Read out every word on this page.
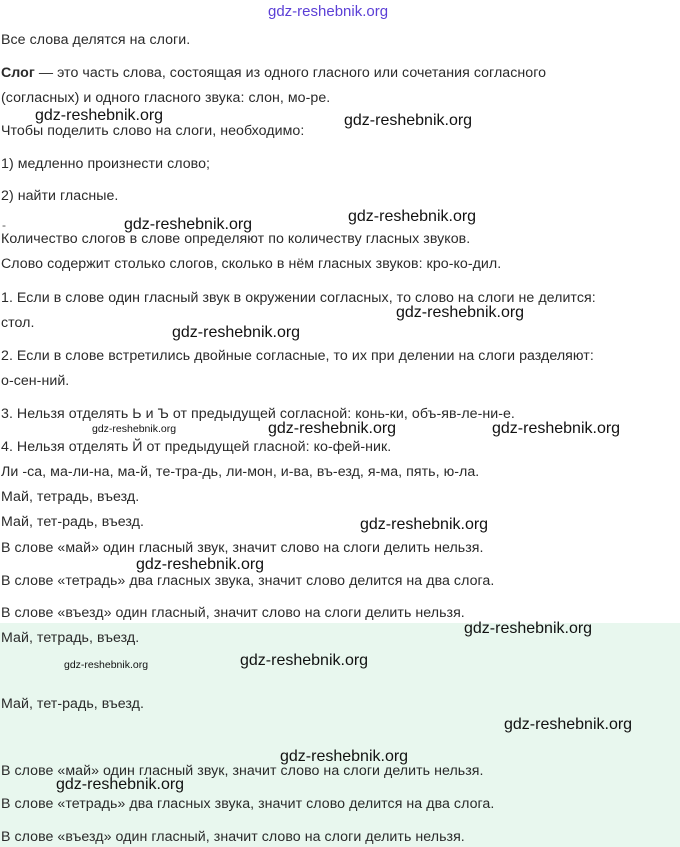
gdz-reshebnik.org
Все слова делятся на слоги.
Слог — это часть слова, состоящая из одного гласного или сочетания согласного
(согласных) и одного гласного звука: слон, мо-ре.
Чтобы поделить слово на слоги, необходимо:
1) медленно произнести слово;
2) найти гласные.
-
Количество слогов в слове определяют по количеству гласных звуков.
Слово содержит столько слогов, сколько в нём гласных звуков: кро-ко-дил.
1. Если в слове один гласный звук в окружении согласных, то слово на слоги не делится:
стол.
2. Если в слове встретились двойные согласные, то их при делении на слоги разделяют:
о-сен-ний.
3. Нельзя отделять Ь и Ъ от предыдущей согласной: конь-ки, объ-яв-ле-ни-е.
4. Нельзя отделять Й от предыдущей гласной: ко-фей-ник.
Ли -са, ма-ли-на, ма-й, те-тра-дь, ли-мон, и-ва, въ-езд, я-ма, пять, ю-ла.
Май, тетрадь, въезд.
Май, тет-радь, въезд.
В слове «май» один гласный звук, значит слово на слоги делить нельзя.
В слове «тетрадь» два гласных звука, значит слово делится на два слога.
В слове «въезд» один гласный, значит слово на слоги делить нельзя.
Май, тетрадь, въезд.
Май, тет-радь, въезд.
В слове «май» один гласный звук, значит слово на слоги делить нельзя.
В слове «тетрадь» два гласных звука, значит слово делится на два слога.
В слове «въезд» один гласный, значит слово на слоги делить нельзя.
gdz-reshebnik.org	gdz-reshebnik.org
gdz-reshebnik.org
gdz-reshebnik.org
gdz-reshebnik.org
gdz-reshebnik.org
gdz-reshebnik.org	gdz-reshebnik.org	gdz-reshebnik.org
gdz-reshebnik.org
gdz-reshebnik.org
gdz-reshebnik.org
gdz-reshebnik.org	gdz-reshebnik.org
gdz-reshebnik.org
gdz-reshebnik.org
gdz-reshebnik.org
